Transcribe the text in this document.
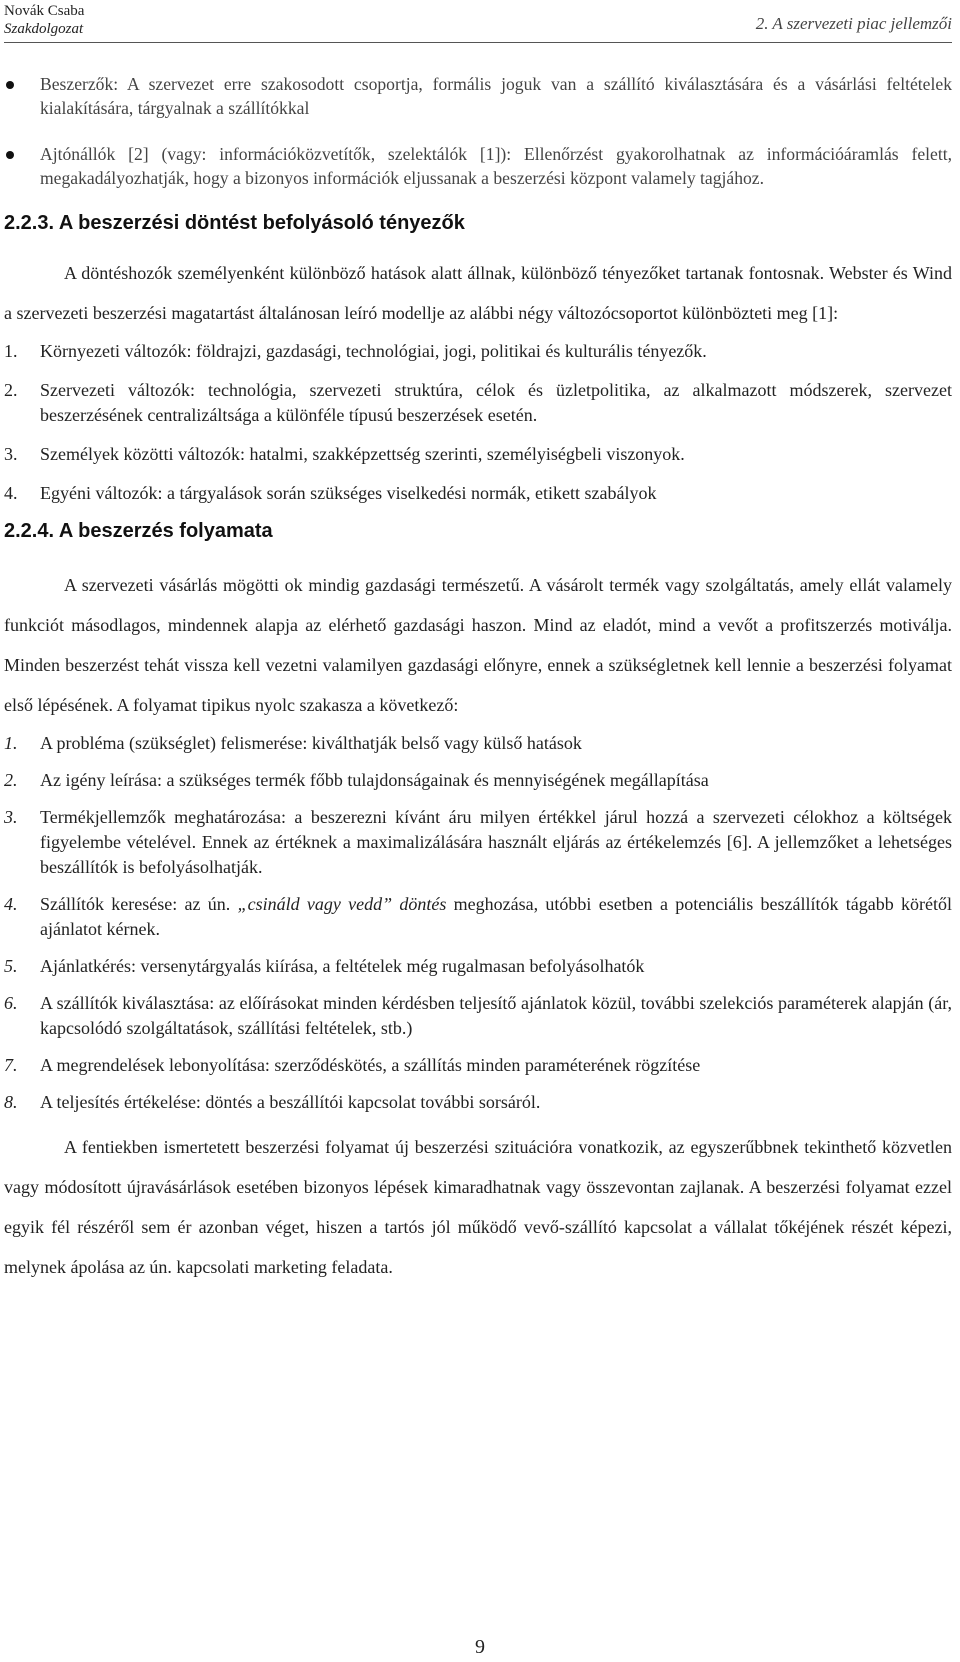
Novák Csaba
Szakdolgozat	2. A szervezeti piac jellemzői
Beszerzők: A szervezet erre szakosodott csoportja, formális joguk van a szállító kiválasztására és a vásárlási feltételek kialakítására, tárgyalnak a szállítókkal
Ajtónállók [2] (vagy: információközvetítők, szelektálók [1]): Ellenőrzést gyakorolhatnak az információáramlás felett, megakadályozhatják, hogy a bizonyos információk eljussanak a beszerzési központ valamely tagjához.
2.2.3. A beszerzési döntést befolyásoló tényezők

A döntéshozók személyenként különböző hatások alatt állnak, különböző tényezőket tartanak fontosnak. Webster és Wind a szervezeti beszerzési magatartást általánosan leíró modellje az alábbi négy változócsoportot különbözteti meg [1]:

1. Környezeti változók: földrajzi, gazdasági, technológiai, jogi, politikai és kulturális tényezők.
2. Szervezeti változók: technológia, szervezeti struktúra, célok és üzletpolitika, az alkalmazott módszerek, szervezet beszerzésének centralizáltsága a különféle típusú beszerzések esetén.
3. Személyek közötti változók: hatalmi, szakképzettség szerinti, személyiségbeli viszonyok.
4. Egyéni változók: a tárgyalások során szükséges viselkedési normák, etikett szabályok
2.2.4. A beszerzés folyamata

A szervezeti vásárlás mögötti ok mindig gazdasági természetű. A vásárolt termék vagy szolgáltatás, amely ellát valamely funkciót másodlagos, mindennek alapja az elérhető gazdasági haszon. Mind az eladót, mind a vevőt a profitszerzés motiválja. Minden beszerzést tehát vissza kell vezetni valamilyen gazdasági előnyre, ennek a szükségletnek kell lennie a beszerzési folyamat első lépésének. A folyamat tipikus nyolc szakasza a következő:

1. A probléma (szükséglet) felismerése: kiválthatják belső vagy külső hatások
2. Az igény leírása: a szükséges termék főbb tulajdonságainak és mennyiségének megállapítása
3. Termékjellemzők meghatározása: a beszerezni kívánt áru milyen értékkel járul hozzá a szervezeti célokhoz a költségek figyelembe vételével. Ennek az értéknek a maximalizálására használt eljárás az értékelemzés [6]. A jellemzőket a lehetséges beszállítók is befolyásolhatják.
4. Szállítók keresése: az ún. „csináld vagy vedd” döntés meghozása, utóbbi esetben a potenciális beszállítók tágabb körétől ajánlatot kérnek.
5. Ajánlatkérés: versenytárgyalás kiírása, a feltételek még rugalmasan befolyásolhatók
6. A szállítók kiválasztása: az előírásokat minden kérdésben teljesítő ajánlatok közül, további szelekciós paraméterek alapján (ár, kapcsolódó szolgáltatások, szállítási feltételek, stb.)
7. A megrendelések lebonyolítása: szerződéskötés, a szállítás minden paraméterének rögzítése
8. A teljesítés értékelése: döntés a beszállítói kapcsolat további sorsáról.

A fentiekben ismertetett beszerzési folyamat új beszerzési szituációra vonatkozik, az egyszerűbbnek tekinthető közvetlen vagy módosított újravásárlások esetében bizonyos lépések kimaradhatnak vagy összevontan zajlanak. A beszerzési folyamat ezzel egyik fél részéről sem ér azonban véget, hiszen a tartós jól működő vevő-szállító kapcsolat a vállalat tőkéjének részét képezi, melynek ápolása az ún. kapcsolati marketing feladata.

9
